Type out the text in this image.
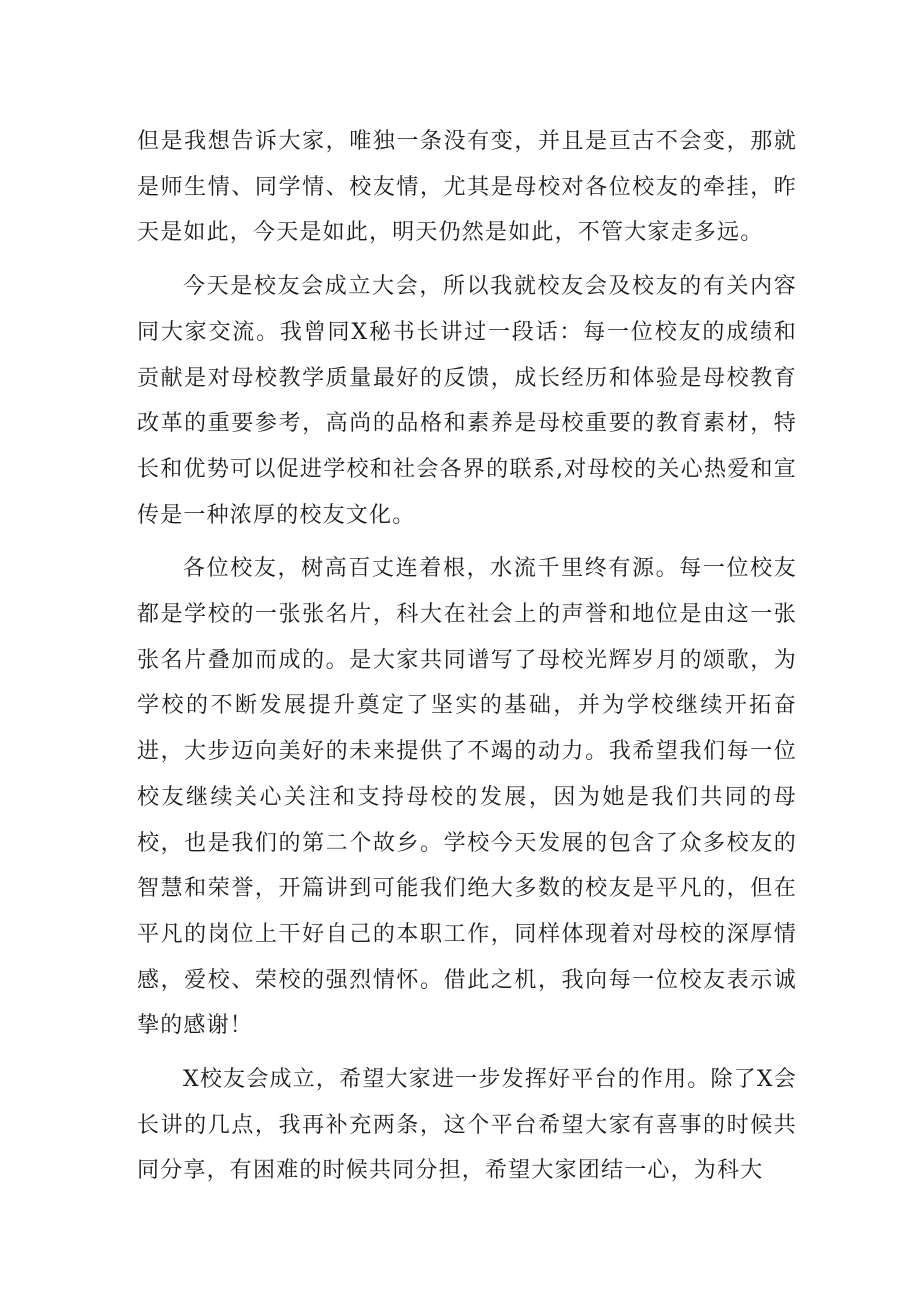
但是我想告诉大家，唯独一条没有变，并且是亘古不会变，那就是师生情、同学情、校友情，尤其是母校对各位校友的牵挂，昨天是如此，今天是如此，明天仍然是如此，不管大家走多远。

今天是校友会成立大会，所以我就校友会及校友的有关内容同大家交流。我曾同X秘书长讲过一段话：每一位校友的成绩和贡献是对母校教学质量最好的反馈，成长经历和体验是母校教育改革的重要参考，高尚的品格和素养是母校重要的教育素材，特长和优势可以促进学校和社会各界的联系,对母校的关心热爱和宣传是一种浓厚的校友文化。

各位校友，树高百丈连着根，水流千里终有源。每一位校友都是学校的一张张名片，科大在社会上的声誉和地位是由这一张张名片叠加而成的。是大家共同谱写了母校光辉岁月的颂歌，为学校的不断发展提升奠定了坚实的基础，并为学校继续开拓奋进，大步迈向美好的未来提供了不竭的动力。我希望我们每一位校友继续关心关注和支持母校的发展，因为她是我们共同的母校，也是我们的第二个故乡。学校今天发展的包含了众多校友的智慧和荣誉，开篇讲到可能我们绝大多数的校友是平凡的，但在平凡的岗位上干好自己的本职工作，同样体现着对母校的深厚情感，爱校、荣校的强烈情怀。借此之机，我向每一位校友表示诚挚的感谢！

X校友会成立，希望大家进一步发挥好平台的作用。除了X会长讲的几点，我再补充两条，这个平台希望大家有喜事的时候共同分享，有困难的时候共同分担，希望大家团结一心，为科大
